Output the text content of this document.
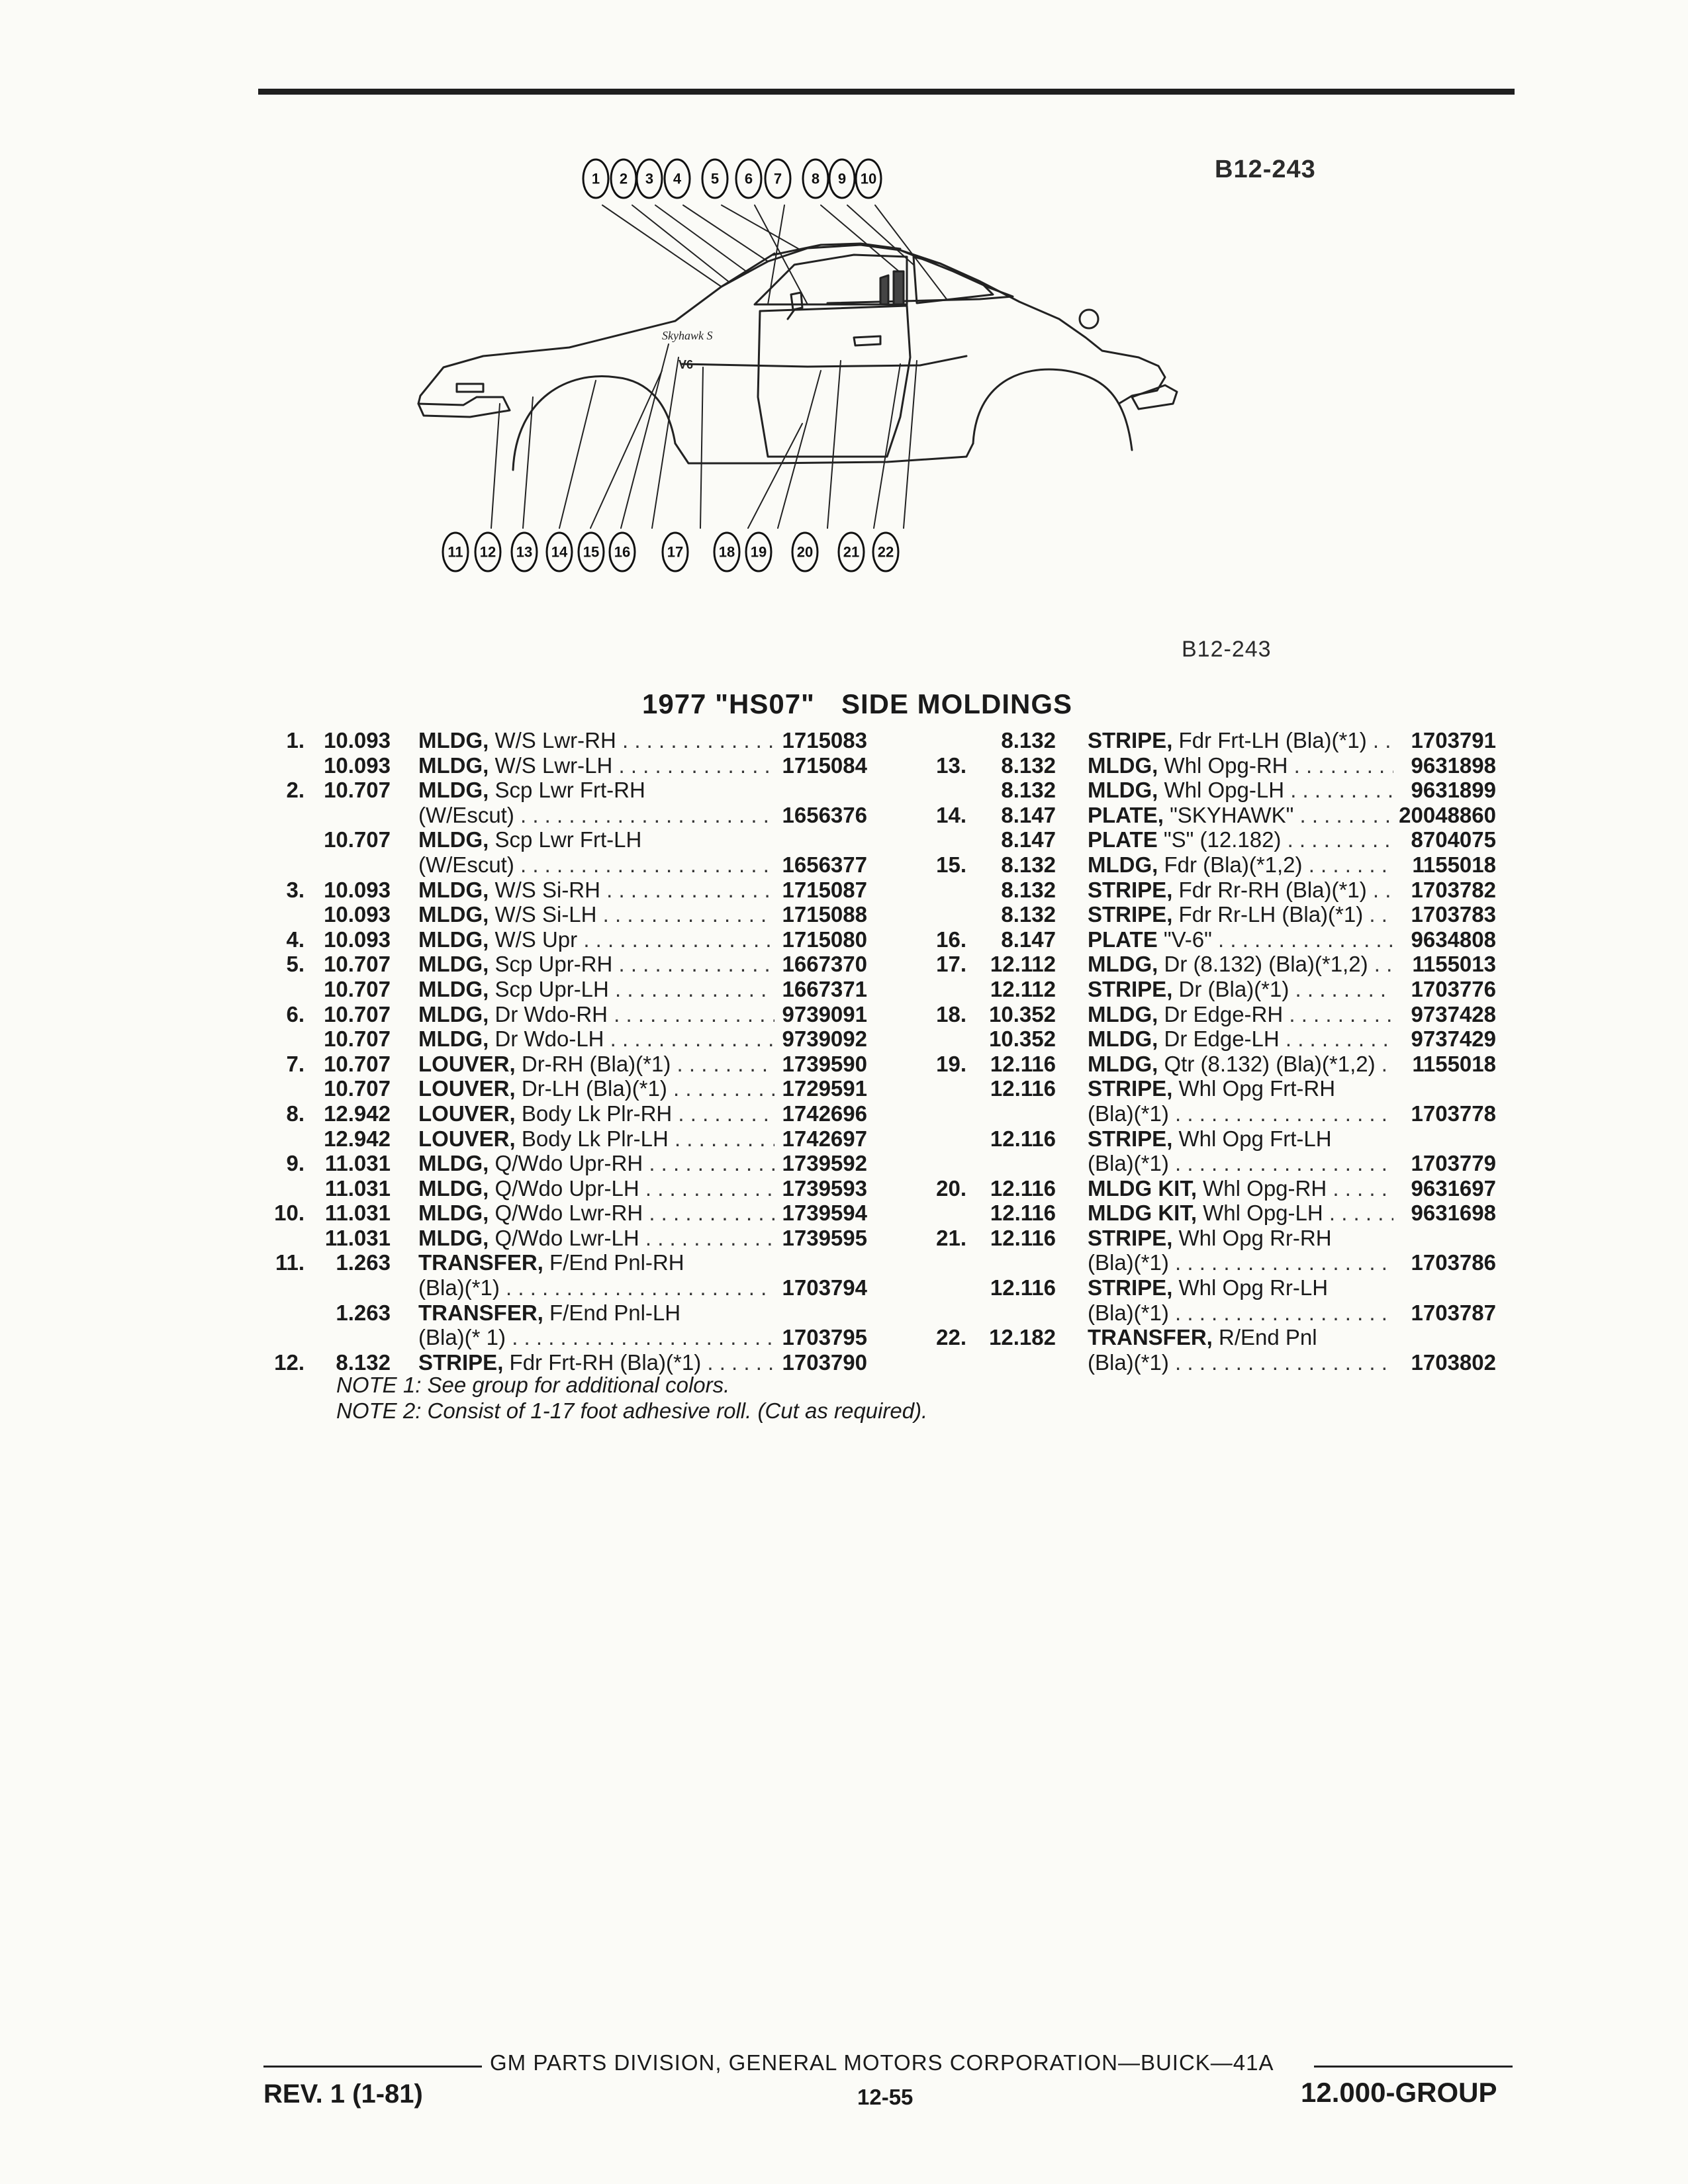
Skyhawk S
V6
1 2 3 4 5 6 7 8 9 10
11 12 13 14 15 16	17 18 19 20 21 22
B12-243
B12-243
1977 "HS07" SIDE MOLDINGS
1. 10.093 MLDG, W/S Lwr-RH . . .	1715083
10.093 MLDG, W/S Lwr-LH . . .	1715084
2. 10.707 MLDG, Scp Lwr Frt-RH
(W/Escut) . . .	1656376
10.707 MLDG, Scp Lwr Frt-LH
(W/Escut) . . .	1656377
3. 10.093 MLDG, W/S Si-RH . . .	1715087
10.093 MLDG, W/S Si-LH . . .	1715088
4. 10.093 MLDG, W/S Upr . . .	1715080
5. 10.707 MLDG, Scp Upr-RH . . .	1667370
10.707 MLDG, Scp Upr-LH . . .	1667371
6. 10.707 MLDG, Dr Wdo-RH . . .	9739091
10.707 MLDG, Dr Wdo-LH . . .	9739092
7. 10.707 LOUVER, Dr-RH (Bla)(*1) . . .	1739590
10.707 LOUVER, Dr-LH (Bla)(*1) . . .	1729591
8. 12.942 LOUVER, Body Lk Plr-RH . . .	1742696
12.942 LOUVER, Body Lk Plr-LH . . .	1742697
9. 11.031 MLDG, Q/Wdo Upr-RH . . .	1739592
11.031 MLDG, Q/Wdo Upr-LH . . .	1739593
10. 11.031 MLDG, Q/Wdo Lwr-RH . . .	1739594
11.031 MLDG, Q/Wdo Lwr-LH . . .	1739595
11.	1.263 TRANSFER, F/End Pnl-RH
(Bla)(*1) . . .	1703794
1.263 TRANSFER, F/End Pnl-LH
(Bla)(* 1) . . .	1703795
12.	8.132 STRIPE, Fdr Frt-RH (Bla)(*1) . . .	1703790
8.132 STRIPE, Fdr Frt-LH (Bla)(*1) . . .	1703791
13.	8.132 MLDG, Whl Opg-RH . . .	9631898
8.132 MLDG, Whl Opg-LH . . .	9631899
14.	8.147 PLATE, "SKYHAWK" . . .	20048860
8.147 PLATE "S" (12.182) . . .	8704075
15.	8.132 MLDG, Fdr (Bla)(*1,2) . . .	1155018
8.132 STRIPE, Fdr Rr-RH (Bla)(*1) . . .	1703782
8.132 STRIPE, Fdr Rr-LH (Bla)(*1) . . .	1703783
16.	8.147 PLATE "V-6" . . .	9634808
17.	12.112 MLDG, Dr (8.132) (Bla)(*1,2) . . .	1155013
12.112 STRIPE, Dr (Bla)(*1) . . .	1703776
18.	10.352 MLDG, Dr Edge-RH . . .	9737428
10.352 MLDG, Dr Edge-LH . . .	9737429
19.	12.116 MLDG, Qtr (8.132) (Bla)(*1,2) . . .	1155018
12.116 STRIPE, Whl Opg Frt-RH
(Bla)(*1) . . .	1703778
12.116 STRIPE, Whl Opg Frt-LH
(Bla)(*1) . . .	1703779
20.	12.116 MLDG KIT, Whl Opg-RH . . .	9631697
12.116 MLDG KIT, Whl Opg-LH . . .	9631698
21.	12.116 STRIPE, Whl Opg Rr-RH
(Bla)(*1) . . .	1703786
12.116 STRIPE, Whl Opg Rr-LH
(Bla)(*1) . . .	1703787
22.	12.182 TRANSFER, R/End Pnl
(Bla)(*1) . . .	1703802
NOTE 1: See group for additional colors.
NOTE 2: Consist of 1-17 foot adhesive roll. (Cut as required).
GM PARTS DIVISION, GENERAL MOTORS CORPORATION—BUICK—41A
REV. 1 (1-81)	12-55	12.000-GROUP
